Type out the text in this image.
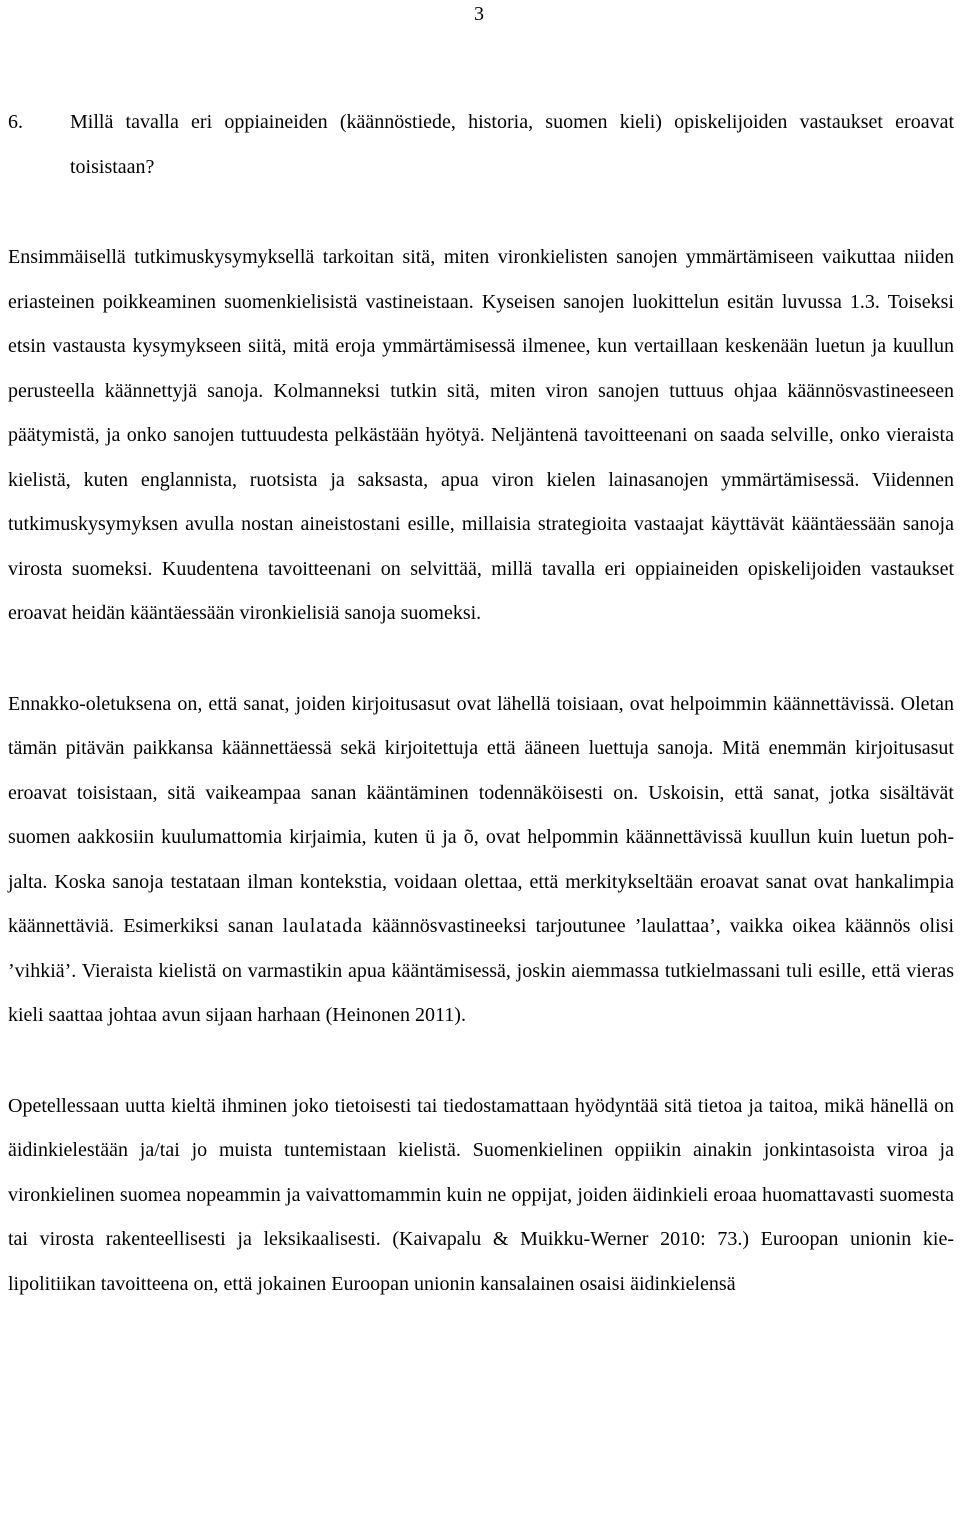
3
6.	Millä tavalla eri oppiaineiden (käännöstiede, historia, suomen kieli) opiskelijoiden vastaukset eroavat toisistaan?

Ensimmäisellä tutkimuskysymyksellä tarkoitan sitä, miten vironkielisten sanojen ymmärtämiseen vaikuttaa niiden eriasteinen poikkeaminen suomenkielisistä vastineistaan. Kyseisen sanojen luokittelun esitän luvussa 1.3. Toiseksi etsin vastausta kysymykseen siitä, mitä eroja ymmärtämisessä ilmenee, kun vertaillaan keskenään luetun ja kuullun perusteella käännettyjä sanoja. Kolmanneksi tutkin sitä, miten viron sanojen tuttuus ohjaa käännösvastineeseen päätymistä, ja onko sanojen tuttuudesta pelkästään hyötyä. Neljäntenä tavoitteenani on saada selville, onko vieraista kielistä, kuten englannista, ruotsista ja saksasta, apua viron kielen lainasanojen ymmärtämisessä. Viidennen tutkimuskysymyksen avulla nostan aineistostani esille, millaisia strategioita vastaajat käyttävät kääntäessään sanoja virosta suomeksi. Kuudentena tavoitteenani on selvittää, millä tavalla eri oppiaineiden opiskelijoiden vastaukset eroavat heidän kääntäessään vironkielisiä sanoja suomeksi.

Ennakko-oletuksena on, että sanat, joiden kirjoitusasut ovat lähellä toisiaan, ovat helpoimmin käännettävissä. Oletan tämän pitävän paikkansa käännettäessä sekä kirjoitettuja että ääneen luettuja sanoja. Mitä enemmän kirjoitusasut eroavat toisistaan, sitä vaikeampaa sanan kääntäminen todennäköisesti on. Uskoisin, että sanat, jotka sisältävät suomen aakkosiin kuulumattomia kirjaimia, kuten ü ja õ, ovat helpommin käännettävissä kuullun kuin luetun pohjalta. Koska sanoja testataan ilman kontekstia, voidaan olettaa, että merkitykseltään eroavat sanat ovat hankalimpia käännettäviä. Esimerkiksi sanan laulatada käännösvastineeksi tarjoutunee ’laulattaa’, vaikka oikea käännös olisi ’vihkiä’. Vieraista kielistä on varmastikin apua kääntämisessä, joskin aiemmassa tutkielmassani tuli esille, että vieras kieli saattaa johtaa avun sijaan harhaan (Heinonen 2011).

Opetellessaan uutta kieltä ihminen joko tietoisesti tai tiedostamattaan hyödyntää sitä tietoa ja taitoa, mikä hänellä on äidinkielestään ja/tai jo muista tuntemistaan kielistä. Suomenkielinen oppiikin ainakin jonkintasoista viroa ja vironkielinen suomea nopeammin ja vaivattomammin kuin ne oppijat, joiden äidinkieli eroaa huomattavasti suomesta tai virosta rakenteellisesti ja leksikaalisesti. (Kaivapalu & Muikku-Werner 2010: 73.) Euroopan unionin kielipolitiikan tavoitteena on, että jokainen Euroopan unionin kansalainen osaisi äidinkielensä
